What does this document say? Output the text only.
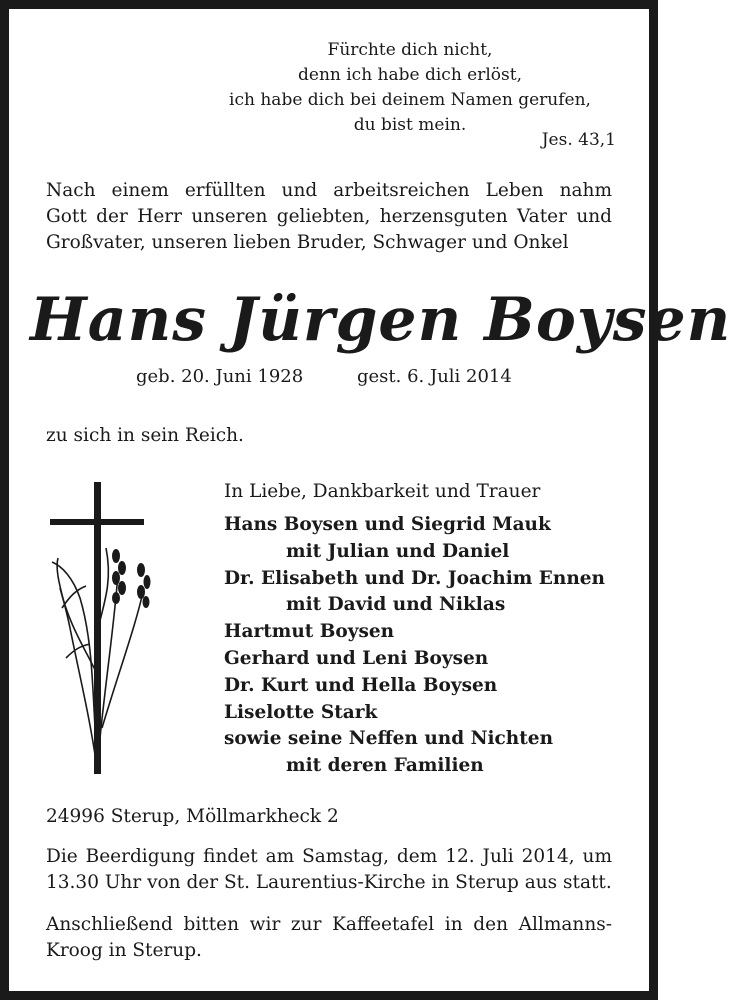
Fürchte dich nicht,
denn ich habe dich erlöst,
ich habe dich bei deinem Namen gerufen,
du bist mein.
Jes. 43,1
Nach einem erfüllten und arbeitsreichen Leben nahm
Gott der Herr unseren geliebten, herzensguten Vater und
Großvater, unseren lieben Bruder, Schwager und Onkel
Hans Jürgen Boysen
geb. 20. Juni 1928	gest. 6. Juli 2014
zu sich in sein Reich.
In Liebe, Dankbarkeit und Trauer
Hans Boysen und Siegrid Mauk
mit Julian und Daniel
Dr. Elisabeth und Dr. Joachim Ennen
mit David und Niklas
Hartmut Boysen
Gerhard und Leni Boysen
Dr. Kurt und Hella Boysen
Liselotte Stark
sowie seine Neffen und Nichten
mit deren Familien
24996 Sterup, Möllmarkheck 2
Die Beerdigung findet am Samstag, dem 12. Juli 2014, um 13.30 Uhr von der St. Laurentius-Kirche in Sterup aus statt.
Anschließend bitten wir zur Kaffeetafel in den Allmanns-Kroog in Sterup.
